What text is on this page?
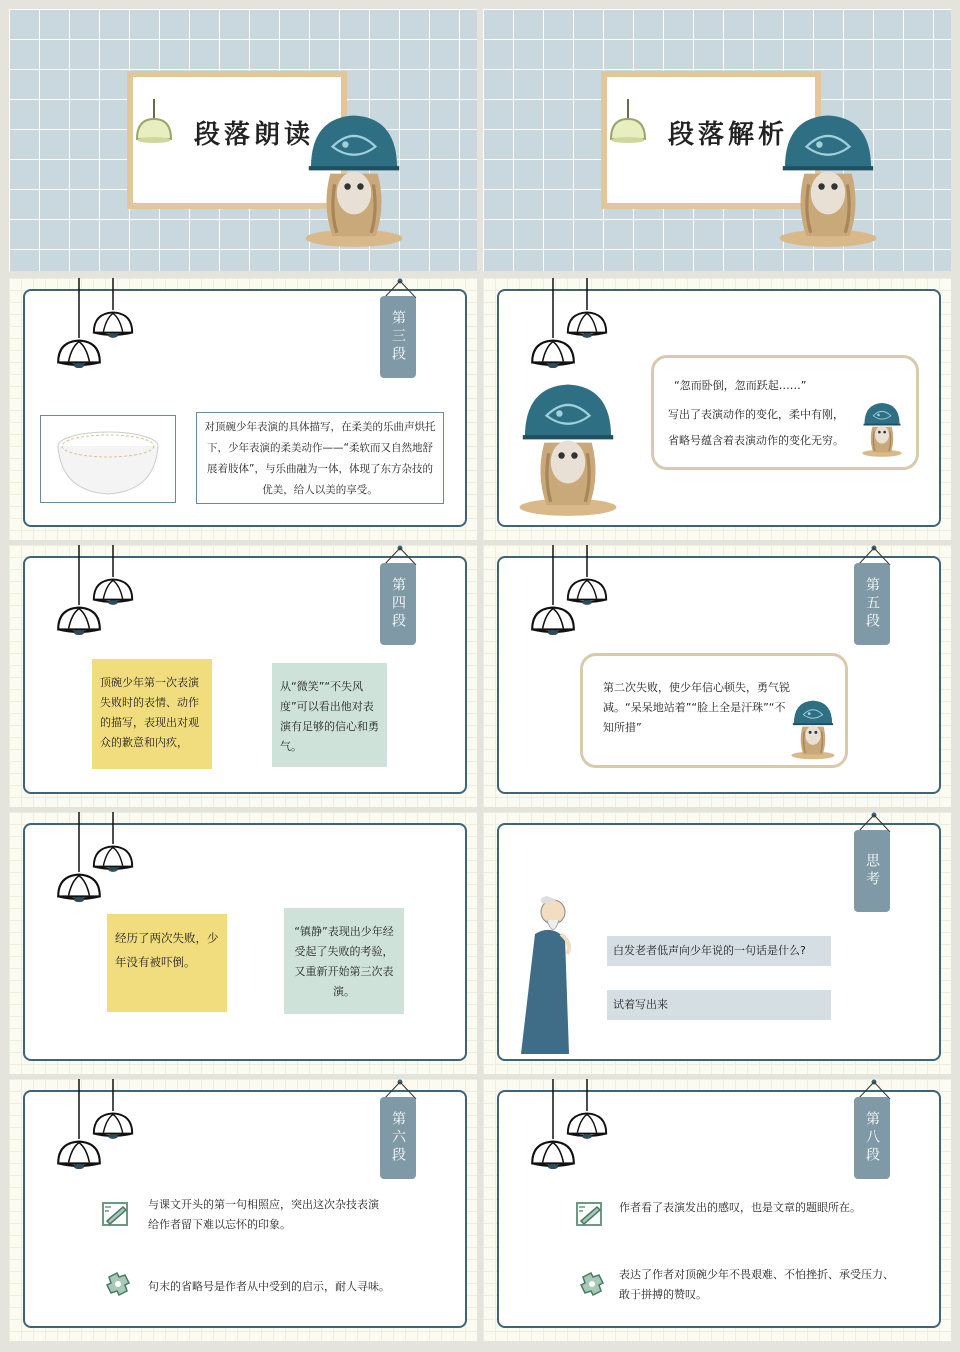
段落朗读	段落解析
第三段
对顶碗少年表演的具体描写，在柔美的乐曲声烘托下，少年表演的柔美动作——“柔软而又自然地舒展着肢体”，与乐曲融为一体，体现了东方杂技的优美，给人以美的享受。
“忽而卧倒，忽而跃起……”
写出了表演动作的变化，柔中有刚，
省略号蕴含着表演动作的变化无穷。
第四段
顶碗少年第一次表演失败时的表情、动作的描写，表现出对观众的歉意和内疚，
从“微笑”“不失风度”可以看出他对表演有足够的信心和勇气。
第五段
第二次失败，使少年信心顿失，勇气锐减。“呆呆地站着”“脸上全是汗珠”“不知所措”
经历了两次失败，少年没有被吓倒。
“镇静”表现出少年经受起了失败的考验，又重新开始第三次表演。
思考
白发老者低声向少年说的一句话是什么?
试着写出来
第六段
与课文开头的第一句相照应，突出这次杂技表演给作者留下难以忘怀的印象。
句末的省略号是作者从中受到的启示，耐人寻味。
第八段
作者看了表演发出的感叹，也是文章的题眼所在。
表达了作者对顶碗少年不畏艰难、不怕挫折、承受压力、敢于拼搏的赞叹。
